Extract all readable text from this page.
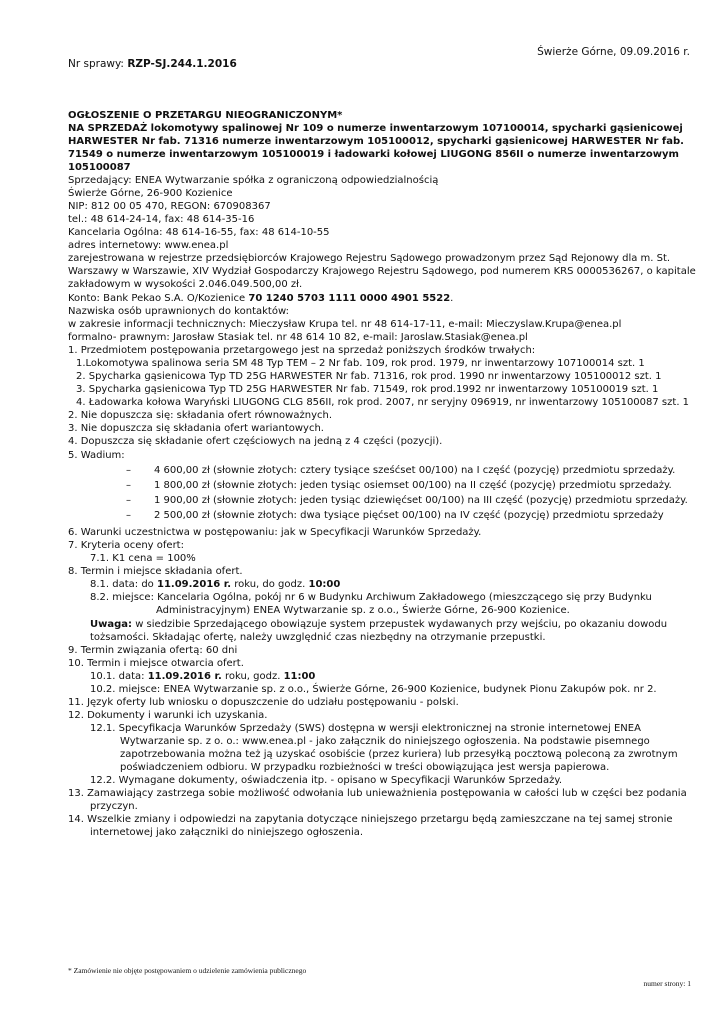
Świerże Górne, 09.09.2016 r.
Nr sprawy: RZP-SJ.244.1.2016
OGŁOSZENIE O PRZETARGU NIEOGRANICZONYM*
NA SPRZEDAŻ lokomotywy spalinowej Nr 109 o numerze inwentarzowym 107100014, spycharki gąsienicowej
HARWESTER Nr fab. 71316 numerze inwentarzowym 105100012, spycharki gąsienicowej HARWESTER Nr fab.
71549 o numerze inwentarzowym 105100019 i ładowarki kołowej LIUGONG 856II o numerze inwentarzowym
105100087
Sprzedający: ENEA Wytwarzanie spółka z ograniczoną odpowiedzialnością
Świerże Górne, 26-900 Kozienice
NIP: 812 00 05 470, REGON: 670908367
tel.: 48 614-24-14, fax: 48 614-35-16
Kancelaria Ogólna: 48 614-16-55, fax: 48 614-10-55
adres internetowy: www.enea.pl
zarejestrowana w rejestrze przedsiębiorców Krajowego Rejestru Sądowego prowadzonym przez Sąd Rejonowy dla m. St.
Warszawy w Warszawie, XIV Wydział Gospodarczy Krajowego Rejestru Sądowego, pod numerem KRS 0000536267, o kapitale
zakładowym w wysokości 2.046.049.500,00 zł.
Konto: Bank Pekao S.A. O/Kozienice 70 1240 5703 1111 0000 4901 5522.
Nazwiska osób uprawnionych do kontaktów:
w zakresie informacji technicznych: Mieczysław Krupa tel. nr 48 614-17-11, e-mail: Mieczyslaw.Krupa@enea.pl
formalno- prawnym: Jarosław Stasiak tel. nr 48 614 10 82, e-mail: Jaroslaw.Stasiak@enea.pl
1. Przedmiotem postępowania przetargowego jest na sprzedaż poniższych środków trwałych:
1.Lokomotywa spalinowa seria SM 48 Typ TEM – 2 Nr fab. 109, rok prod. 1979, nr inwentarzowy 107100014 szt. 1
2. Spycharka gąsienicowa Typ TD 25G HARWESTER Nr fab. 71316, rok prod. 1990 nr inwentarzowy 105100012 szt. 1
3. Spycharka gąsienicowa Typ TD 25G HARWESTER Nr fab. 71549, rok prod.1992 nr inwentarzowy 105100019 szt. 1
4. Ładowarka kołowa Waryński LIUGONG CLG 856II, rok prod. 2007, nr seryjny 096919, nr inwentarzowy 105100087 szt. 1
2. Nie dopuszcza się: składania ofert równoważnych.
3. Nie dopuszcza się składania ofert wariantowych.
4. Dopuszcza się składanie ofert częściowych na jedną z 4 części (pozycji).
5. Wadium:
– 4 600,00 zł (słownie złotych: cztery tysiące sześćset 00/100) na I część (pozycję) przedmiotu sprzedaży.
– 1 800,00 zł (słownie złotych: jeden tysiąc osiemset 00/100) na II część (pozycję) przedmiotu sprzedaży.
– 1 900,00 zł (słownie złotych: jeden tysiąc dziewięćset 00/100) na III część (pozycję) przedmiotu sprzedaży.
– 2 500,00 zł (słownie złotych: dwa tysiące pięćset 00/100) na IV część (pozycję) przedmiotu sprzedaży
6. Warunki uczestnictwa w postępowaniu: jak w Specyfikacji Warunków Sprzedaży.
7. Kryteria oceny ofert:
7.1. K1 cena = 100%
8. Termin i miejsce składania ofert.
8.1. data: do 11.09.2016 r. roku, do godz. 10:00
8.2. miejsce: Kancelaria Ogólna, pokój nr 6 w Budynku Archiwum Zakładowego (mieszczącego się przy Budynku
Administracyjnym) ENEA Wytwarzanie sp. z o.o., Świerże Górne, 26-900 Kozienice.
Uwaga: w siedzibie Sprzedającego obowiązuje system przepustek wydawanych przy wejściu, po okazaniu dowodu
tożsamości. Składając ofertę, należy uwzględnić czas niezbędny na otrzymanie przepustki.
9. Termin związania ofertą: 60 dni
10. Termin i miejsce otwarcia ofert.
10.1. data: 11.09.2016 r. roku, godz. 11:00
10.2. miejsce: ENEA Wytwarzanie sp. z o.o., Świerże Górne, 26-900 Kozienice, budynek Pionu Zakupów pok. nr 2.
11. Język oferty lub wniosku o dopuszczenie do udziału postępowaniu - polski.
12. Dokumenty i warunki ich uzyskania.
12.1. Specyfikacja Warunków Sprzedaży (SWS) dostępna w wersji elektronicznej na stronie internetowej ENEA
Wytwarzanie sp. z o. o.: www.enea.pl - jako załącznik do niniejszego ogłoszenia. Na podstawie pisemnego
zapotrzebowania można też ją uzyskać osobiście (przez kuriera) lub przesyłką pocztową poleconą za zwrotnym
poświadczeniem odbioru. W przypadku rozbieżności w treści obowiązująca jest wersja papierowa.
12.2. Wymagane dokumenty, oświadczenia itp. - opisano w Specyfikacji Warunków Sprzedaży.
13. Zamawiający zastrzega sobie możliwość odwołania lub unieważnienia postępowania w całości lub w części bez podania
przyczyn.
14. Wszelkie zmiany i odpowiedzi na zapytania dotyczące niniejszego przetargu będą zamieszczane na tej samej stronie
internetowej jako załączniki do niniejszego ogłoszenia.
* Zamówienie nie objęte postępowaniem o udzielenie zamówienia publicznego
numer strony: 1
